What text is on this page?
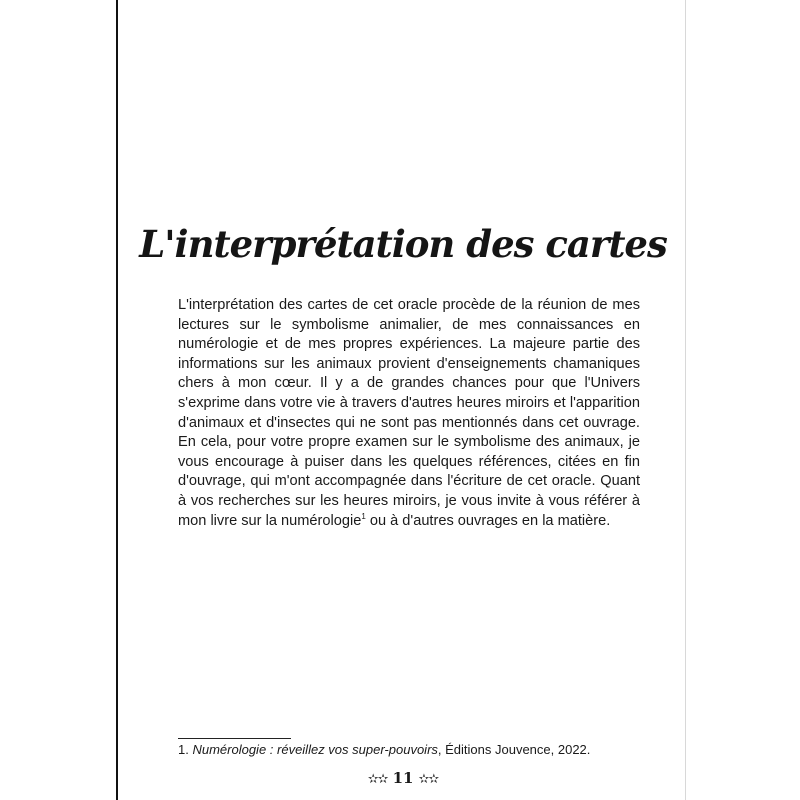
L'interprétation des cartes

L'interprétation des cartes de cet oracle procède de la réunion de mes lectures sur le symbolisme animalier, de mes connaissances en numérologie et de mes propres expériences. La majeure partie des informations sur les animaux provient d'enseignements chamaniques chers à mon cœur. Il y a de grandes chances pour que l'Univers s'exprime dans votre vie à travers d'autres heures miroirs et l'apparition d'animaux et d'insectes qui ne sont pas mentionnés dans cet ouvrage. En cela, pour votre propre examen sur le symbolisme des animaux, je vous encourage à puiser dans les quelques références, citées en fin d'ouvrage, qui m'ont accompagnée dans l'écriture de cet oracle. Quant à vos recherches sur les heures miroirs, je vous invite à vous référer à mon livre sur la numérologie$^1$ ou à d'autres ouvrages en la matière.

1. Numérologie : réveillez vos super-pouvoirs, Éditions Jouvence, 2022.

✫✫ 11 ✫✫
